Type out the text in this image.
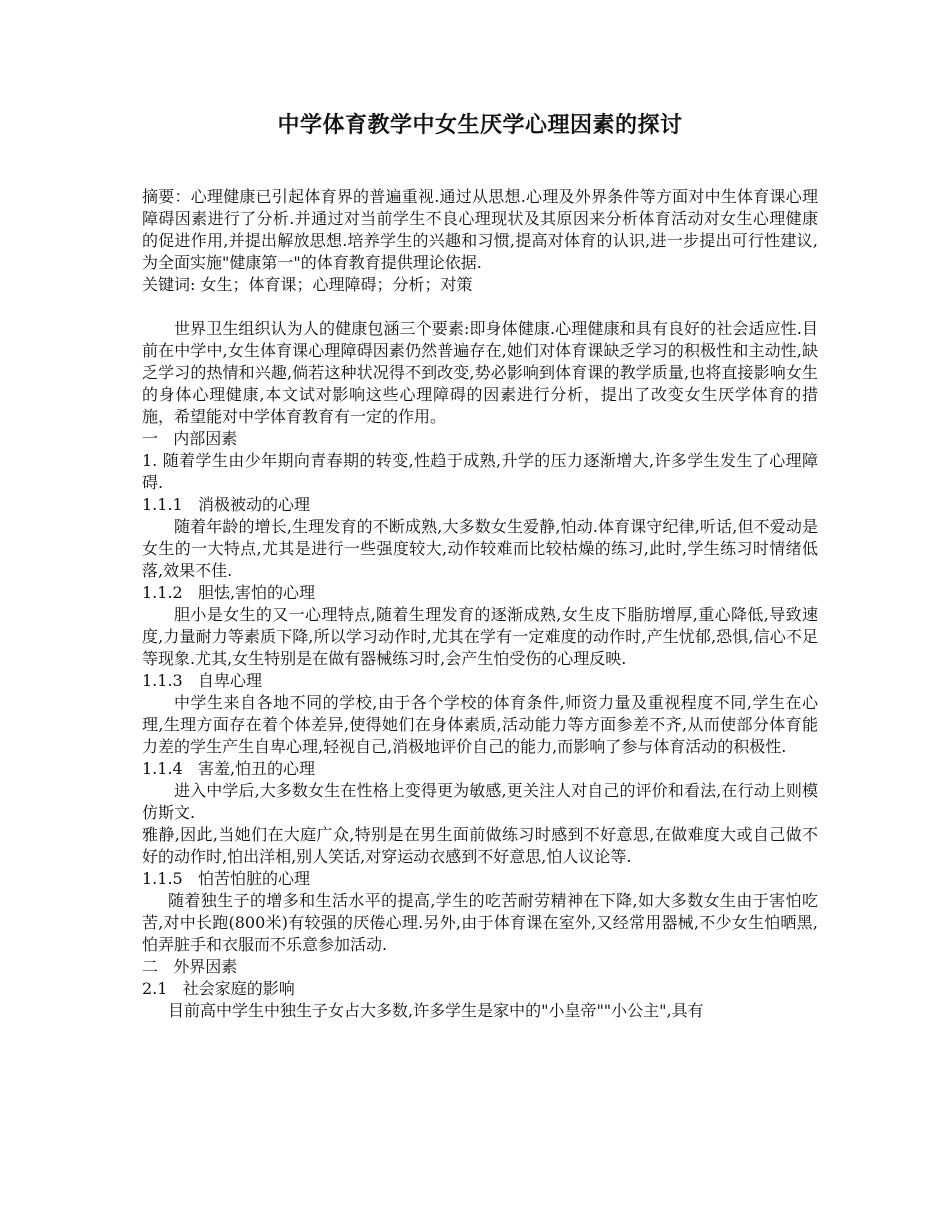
中学体育教学中女生厌学心理因素的探讨

摘要：心理健康已引起体育界的普遍重视.通过从思想.心理及外界条件等方面对中生体育课心理障碍因素进行了分析.并通过对当前学生不良心理现状及其原因来分析体育活动对女生心理健康的促进作用,并提出解放思想.培养学生的兴趣和习惯,提高对体育的认识,进一步提出可行性建议,为全面实施"健康第一"的体育教育提供理论依据.

关键词: 女生；体育课；心理障碍；分析；对策

世界卫生组织认为人的健康包涵三个要素:即身体健康.心理健康和具有良好的社会适应性.目前在中学中,女生体育课心理障碍因素仍然普遍存在,她们对体育课缺乏学习的积极性和主动性,缺乏学习的热情和兴趣,倘若这种状况得不到改变,势必影响到体育课的教学质量,也将直接影响女生的身体心理健康,本文试对影响这些心理障碍的因素进行分析，提出了改变女生厌学体育的措施，希望能对中学体育教育有一定的作用。

一   内部因素

1. 随着学生由少年期向青春期的转变,性趋于成熟,升学的压力逐渐增大,许多学生发生了心理障碍.

1.1.1   消极被动的心理

随着年龄的增长,生理发育的不断成熟,大多数女生爱静,怕动.体育课守纪律,听话,但不爱动是女生的一大特点,尤其是进行一些强度较大,动作较难而比较枯燥的练习,此时,学生练习时情绪低落,效果不佳.

1.1.2   胆怯,害怕的心理

胆小是女生的又一心理特点,随着生理发育的逐渐成熟,女生皮下脂肪增厚,重心降低,导致速度,力量耐力等素质下降,所以学习动作时,尤其在学有一定难度的动作时,产生忧郁,恐惧,信心不足等现象.尤其,女生特别是在做有器械练习时,会产生怕受伤的心理反映.

1.1.3   自卑心理

中学生来自各地不同的学校,由于各个学校的体育条件,师资力量及重视程度不同,学生在心理,生理方面存在着个体差异,使得她们在身体素质,活动能力等方面参差不齐,从而使部分体育能力差的学生产生自卑心理,轻视自己,消极地评价自己的能力,而影响了参与体育活动的积极性.

1.1.4   害羞,怕丑的心理

进入中学后,大多数女生在性格上变得更为敏感,更关注人对自己的评价和看法,在行动上则模仿斯文.

雅静,因此,当她们在大庭广众,特别是在男生面前做练习时感到不好意思,在做难度大或自己做不好的动作时,怕出洋相,别人笑话,对穿运动衣感到不好意思,怕人议论等.

1.1.5   怕苦怕脏的心理

随着独生子的增多和生活水平的提高,学生的吃苦耐劳精神在下降,如大多数女生由于害怕吃苦,对中长跑(800米)有较强的厌倦心理.另外,由于体育课在室外,又经常用器械,不少女生怕晒黑,怕弄脏手和衣服而不乐意参加活动.

二   外界因素

2.1   社会家庭的影响

目前高中学生中独生子女占大多数,许多学生是家中的"小皇帝""小公主",具有
